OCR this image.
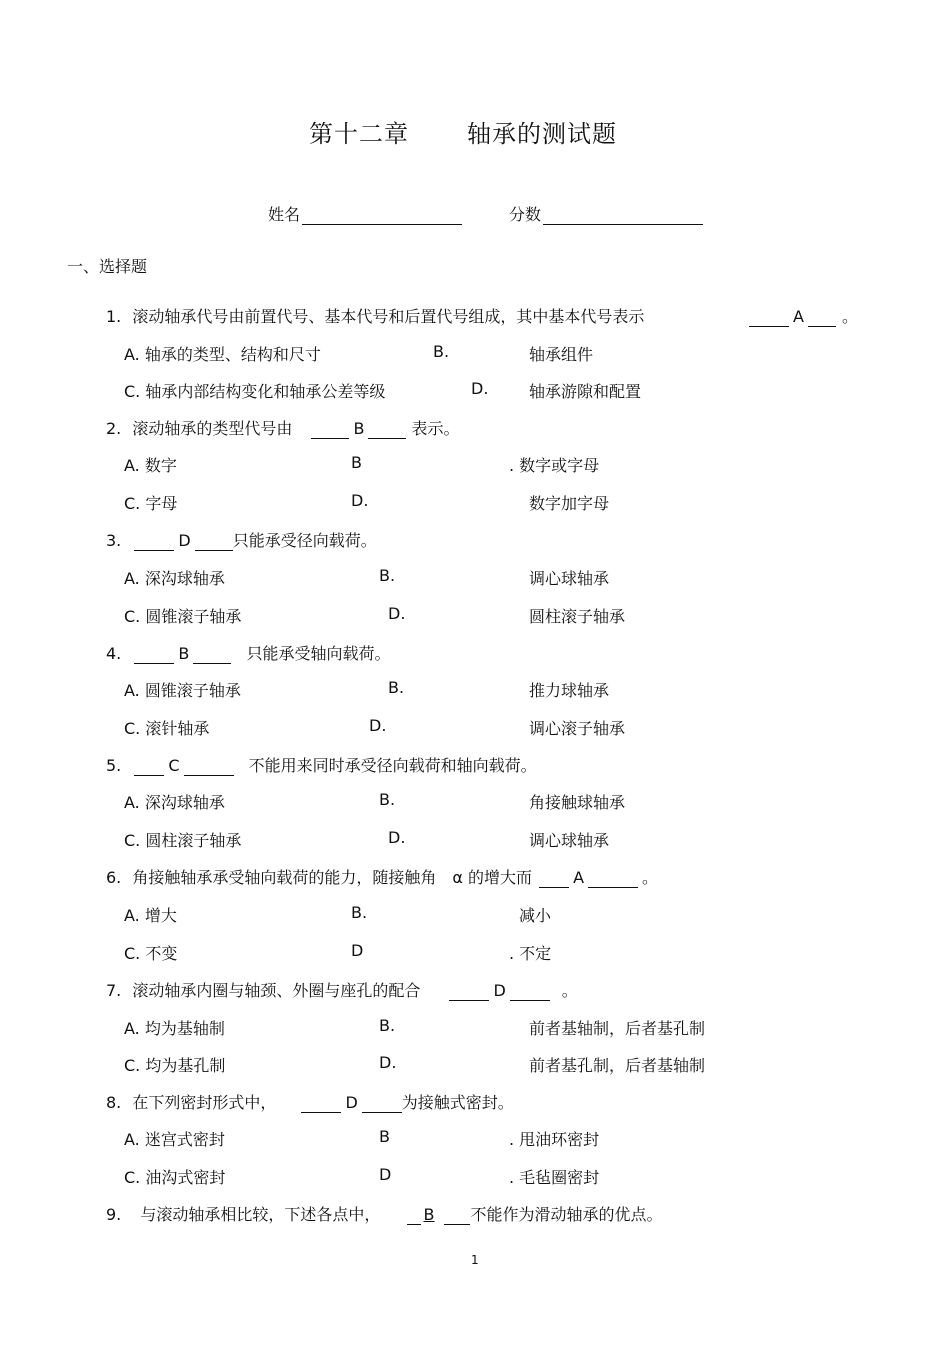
第十二章 轴承的测试题
姓名	分数
一、选择题
1. 滚动轴承代号由前置代号、基本代号和后置代号组成，其中基本代号表示	A 。
A. 轴承的类型、结构和尺寸	B.	轴承组件
C. 轴承内部结构变化和轴承公差等级	D.	轴承游隙和配置
2. 滚动轴承的类型代号由	B	表示。
A. 数字	B	. 数字或字母
C. 字母	D.	数字加字母
3.	D	只能承受径向载荷。
A. 深沟球轴承	B.	调心球轴承
C. 圆锥滚子轴承	D.	圆柱滚子轴承
4.	B	只能承受轴向载荷。
A. 圆锥滚子轴承	B.	推力球轴承
C. 滚针轴承	D.	调心滚子轴承
5.	C	不能用来同时承受径向载荷和轴向载荷。
A. 深沟球轴承	B.	角接触球轴承
C. 圆柱滚子轴承	D.	调心球轴承
6. 角接触轴承承受轴向载荷的能力，随接触角　α 的增大而	A	。
A. 增大	B.	减小
C. 不变	D	. 不定
7. 滚动轴承内圈与轴颈、外圈与座孔的配合	D	。
A. 均为基轴制	B.	前者基轴制，后者基孔制
C. 均为基孔制	D.	前者基孔制，后者基轴制
8. 在下列密封形式中，	D	为接触式密封。
A. 迷宫式密封	B	. 甩油环密封
C. 油沟式密封	D	. 毛毡圈密封
9. 与滚动轴承相比较，下述各点中，	B 不能作为滑动轴承的优点。
1
